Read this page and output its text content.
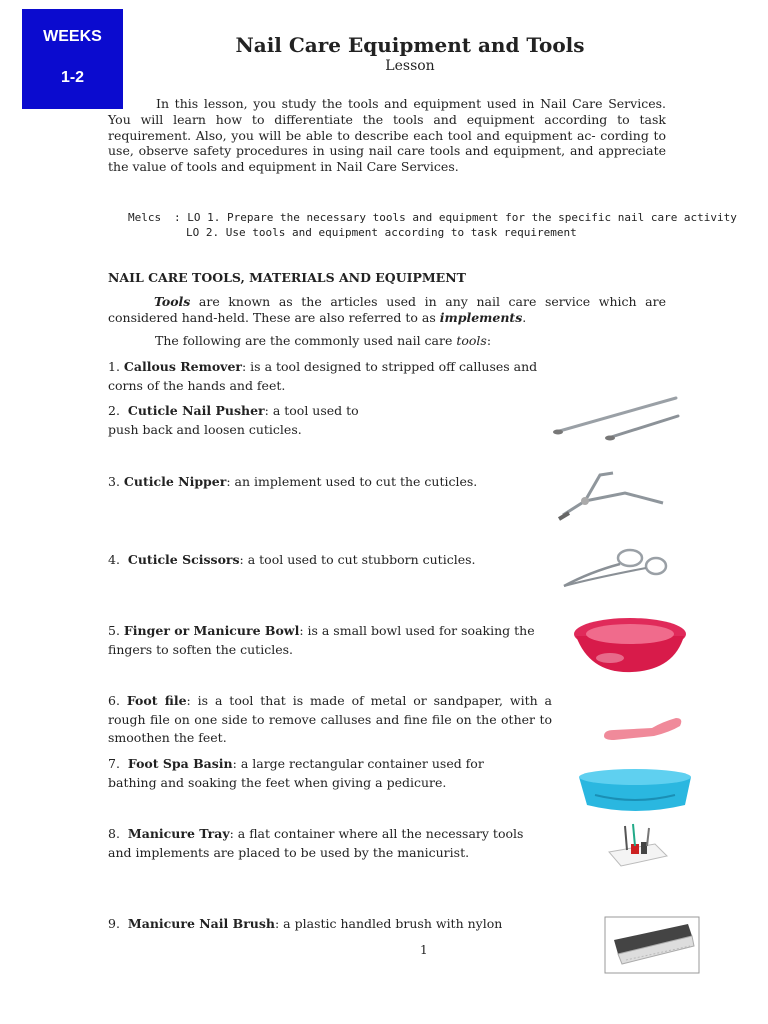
WEEKS
1-2
Nail Care Equipment and Tools
Lesson
In this lesson, you study the tools and equipment used in Nail Care Services. You will learn how to differentiate the tools and equipment according to task requirement. Also, you will be able to describe each tool and equipment ac- cording to use, observe safety procedures in using nail care tools and equipment, and appreciate the value of tools and equipment in Nail Care Services.
Melcs : LO 1. Prepare the necessary tools and equipment for the specific nail care activity
LO 2. Use tools and equipment according to task requirement
NAIL CARE TOOLS, MATERIALS AND EQUIPMENT
Tools are known as the articles used in any nail care service which are considered hand-held. These are also referred to as implements.
The following are the commonly used nail care tools:
1. Callous Remover: is a tool designed to stripped off calluses and corns of the hands and feet.
2. Cuticle Nail Pusher: a tool used to push back and loosen cuticles.
3. Cuticle Nipper: an implement used to cut the cuticles.
4. Cuticle Scissors: a tool used to cut stubborn cuticles.
5. Finger or Manicure Bowl: is a small bowl used for soaking the fingers to soften the cuticles.
6. Foot file: is a tool that is made of metal or sandpaper, with a rough file on one side to remove calluses and fine file on the other to smoothen the feet.
7. Foot Spa Basin: a large rectangular container used for bathing and soaking the feet when giving a pedicure.
8. Manicure Tray: a flat container where all the necessary tools and implements are placed to be used by the manicurist.
9. Manicure Nail Brush: a plastic handled brush with nylon
1
